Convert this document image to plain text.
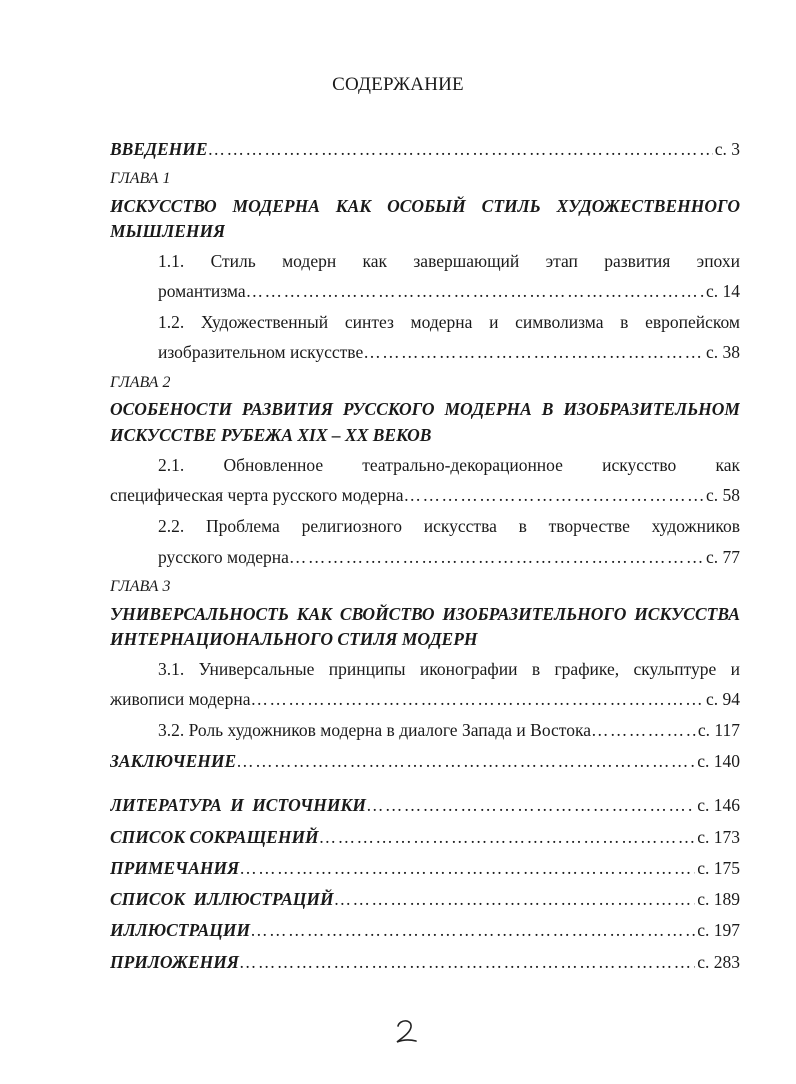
СОДЕРЖАНИЕ
ВВЕДЕНИЕ ………………………………………………………………………………………………………………………………………………………………………………………	с. 3
ГЛАВА 1
ИСКУССТВО МОДЕРНА КАК ОСОБЫЙ СТИЛЬ ХУДОЖЕСТВЕННОГО
МЫШЛЕНИЯ
1.1. Стиль модерн как завершающий этап развития эпохи
романтизма ………………………………………………………………………………………………………………………………………………………………………………………	с. 14
1.2. Художественный синтез модерна и символизма в европейском
изобразительном искусстве ………………………………………………………………………………………………………………………………………………………………………………………	с. 38
ГЛАВА 2
ОСОБЕНОСТИ РАЗВИТИЯ РУССКОГО МОДЕРНА В ИЗОБРАЗИТЕЛЬНОМ
ИСКУССТВЕ РУБЕЖА XIX – XX ВЕКОВ
2.1. Обновленное театрально-декорационное искусство как
специфическая черта русского модерна ………………………………………………………………………………………………………………………………………………………………………………………	с. 58
2.2. Проблема религиозного искусства в творчестве художников
русского модерна ………………………………………………………………………………………………………………………………………………………………………………………	с. 77
ГЛАВА 3
УНИВЕРСАЛЬНОСТЬ КАК СВОЙСТВО ИЗОБРАЗИТЕЛЬНОГО ИСКУССТВА
ИНТЕРНАЦИОНАЛЬНОГО СТИЛЯ МОДЕРН
3.1. Универсальные принципы иконографии в графике, скульптуре и
живописи модерна ………………………………………………………………………………………………………………………………………………………………………………………	с. 94
3.2. Роль художников модерна в диалоге Запада и Востока ………………………………………………………………………………………………………………………………………………………………………………………	с. 117
ЗАКЛЮЧЕНИЕ ………………………………………………………………………………………………………………………………………………………………………………………	с. 140
ЛИТЕРАТУРА И ИСТОЧНИКИ ………………………………………………………………………………………………………………………………………………………………………………………	с. 146
СПИСОК СОКРАЩЕНИЙ ………………………………………………………………………………………………………………………………………………………………………………………	с. 173
ПРИМЕЧАНИЯ ………………………………………………………………………………………………………………………………………………………………………………………	с. 175
СПИСОК ИЛЛЮСТРАЦИЙ ………………………………………………………………………………………………………………………………………………………………………………………	с. 189
ИЛЛЮСТРАЦИИ ………………………………………………………………………………………………………………………………………………………………………………………	с. 197
ПРИЛОЖЕНИЯ ………………………………………………………………………………………………………………………………………………………………………………………	с. 283
